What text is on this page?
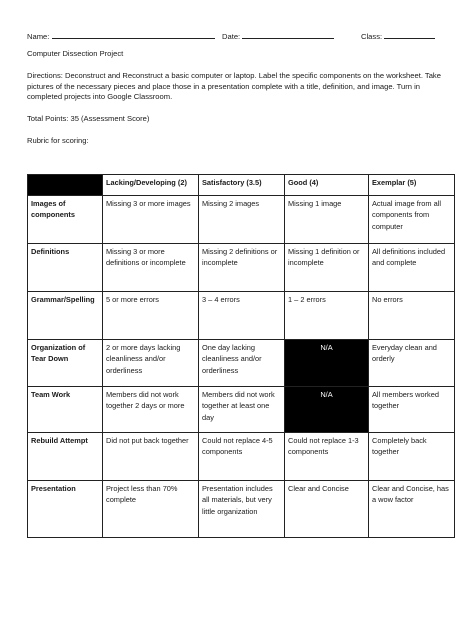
Name:	Date:	Class:
Computer Dissection Project
Directions: Deconstruct and Reconstruct a basic computer or laptop. Label the specific components on the worksheet. Take pictures of the necessary pieces and place those in a presentation complete with a title, definition, and image. Turn in completed projects into Google Classroom.
Total Points: 35 (Assessment Score)
Rubric for scoring:
	Lacking/Developing (2)	Satisfactory (3.5)	Good (4)	Exemplar (5)
Images of components	Missing 3 or more images	Missing 2 images	Missing 1 image	Actual image from all components from computer
Definitions	Missing 3 or more definitions or incomplete	Missing 2 definitions or incomplete	Missing 1 definition or incomplete	All definitions included and complete
Grammar/Spelling	5 or more errors	3 – 4 errors	1 – 2 errors	No errors
Organization of Tear Down	2 or more days lacking cleanliness and/or orderliness	One day lacking cleanliness and/or orderliness	N/A	Everyday clean and orderly
Team Work	Members did not work together 2 days or more	Members did not work together at least one day	N/A	All members worked together
Rebuild Attempt	Did not put back together	Could not replace 4-5 components	Could not replace 1-3 components	Completely back together
Presentation	Project less than 70% complete	Presentation includes all materials, but very little organization	Clear and Concise	Clear and Concise, has a wow factor
